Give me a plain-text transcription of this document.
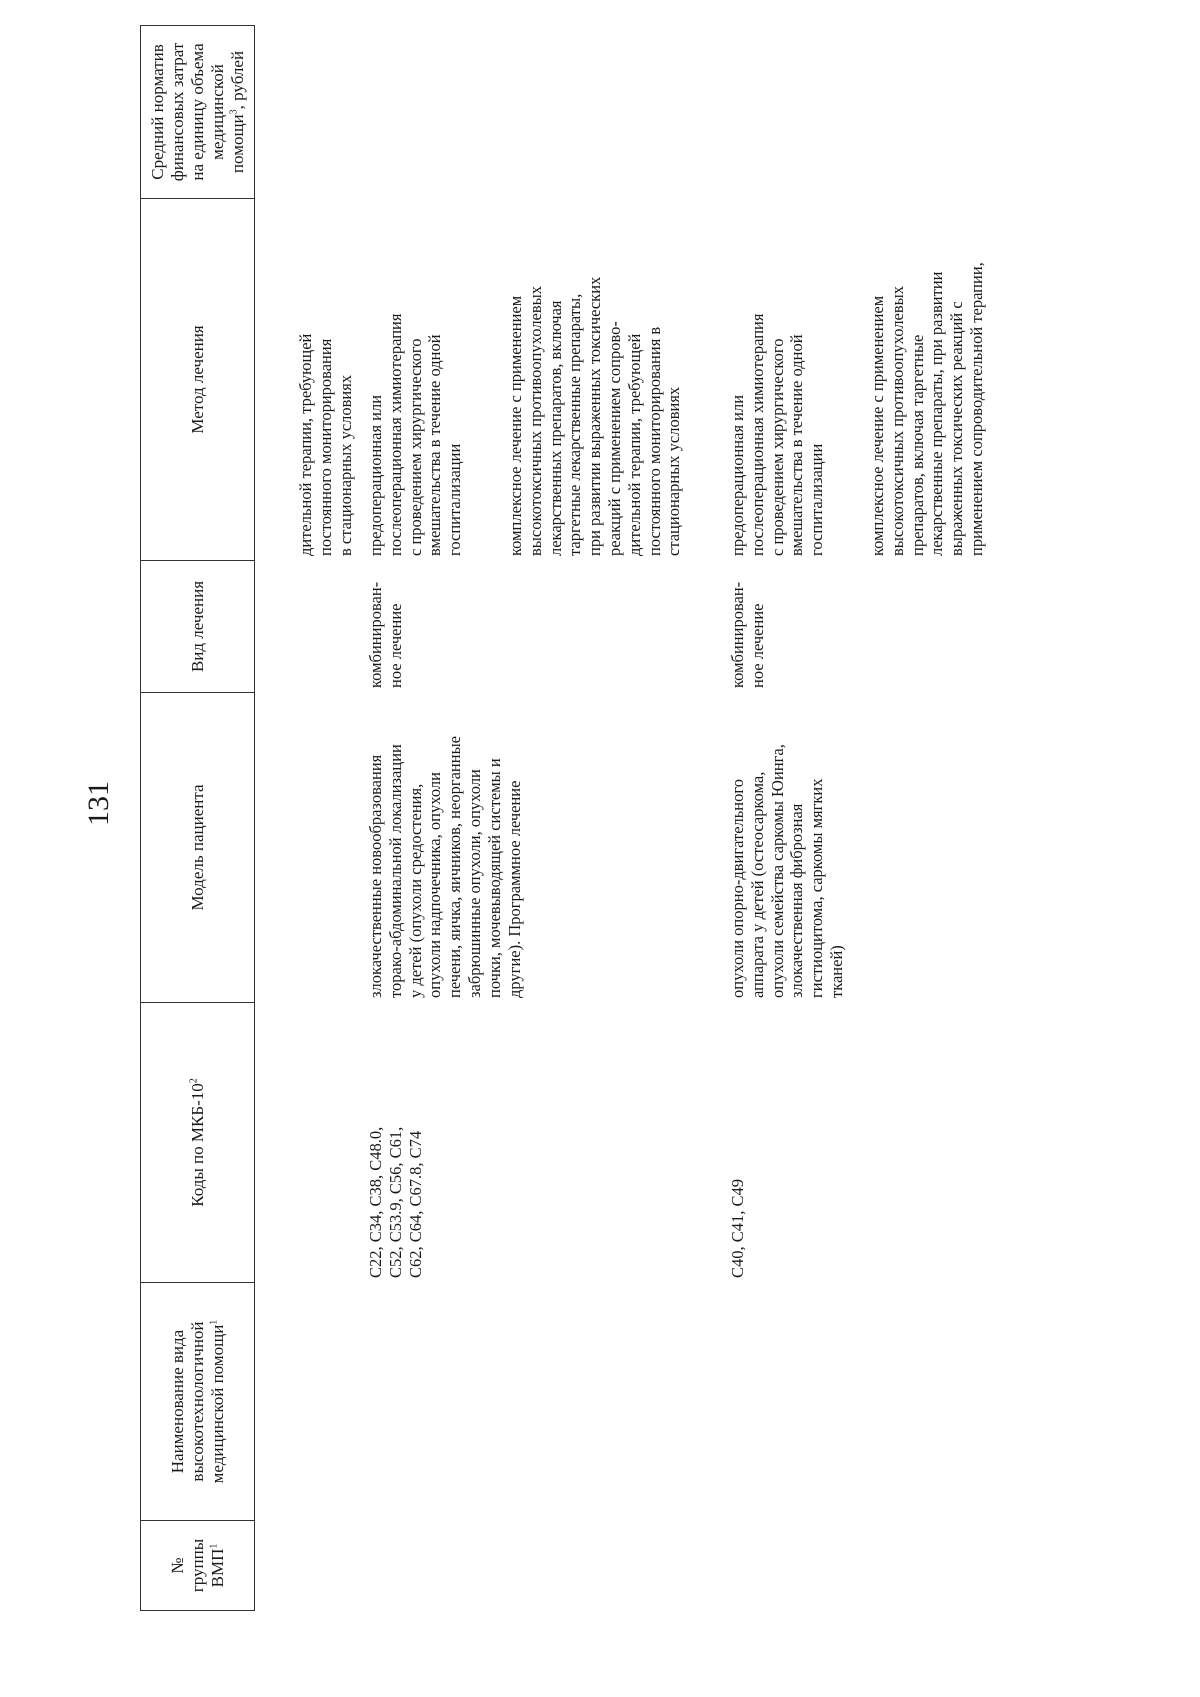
131
№
группы
ВМП$^1$
Наименование вида
высокотехнологичной
медицинской помощи$^1$
Коды по МКБ-$10^2$
Модель пациента
Вид лечения
Метод лечения
Средний норматив
финансовых затрат
на единицу объема
медицинской
помощи$^3$, рублей
дительной терапии, требующей
постоянного мониторирования
в стационарных условиях
C22, C34, C38, C48.0,
C52, C53.9, C56, C61,
C62, C64, C67.8, C74
злокачественные новообразования
торако-абдоминальной локализации
у детей (опухоли средостения,
опухоли надпочечника, опухоли
печени, яичка, яичников, неорганные
забрюшинные опухоли, опухоли
почки, мочевыводящей системы и
другие). Программное лечение
комбинирован-
ное лечение
предоперационная или
послеоперационная химиотерапия
с проведением хирургического
вмешательства в течение одной
госпитализации	комплексное лечение с применением
высокотоксичных противоопухолевых
лекарственных препаратов, включая
таргетные лекарственные препараты,
при развитии выраженных токсических
реакций с применением сопрово-
дительной терапии, требующей
постоянного мониторирования в
стационарных условиях
C40, C41, C49
опухоли опорно-двигательного
аппарата у детей (остеосаркома,
опухоли семейства саркомы Юинга,
злокачественная фиброзная
гистиоцитома, саркомы мягких
тканей)
комбинирован-
ное лечение
предоперационная или
послеоперационная химиотерапия
с проведением хирургического
вмешательства в течение одной
госпитализации	комплексное лечение с применением
высокотоксичных противоопухолевых
препаратов, включая таргетные
лекарственные препараты, при развитии
выраженных токсических реакций с
применением сопроводительной терапии,
